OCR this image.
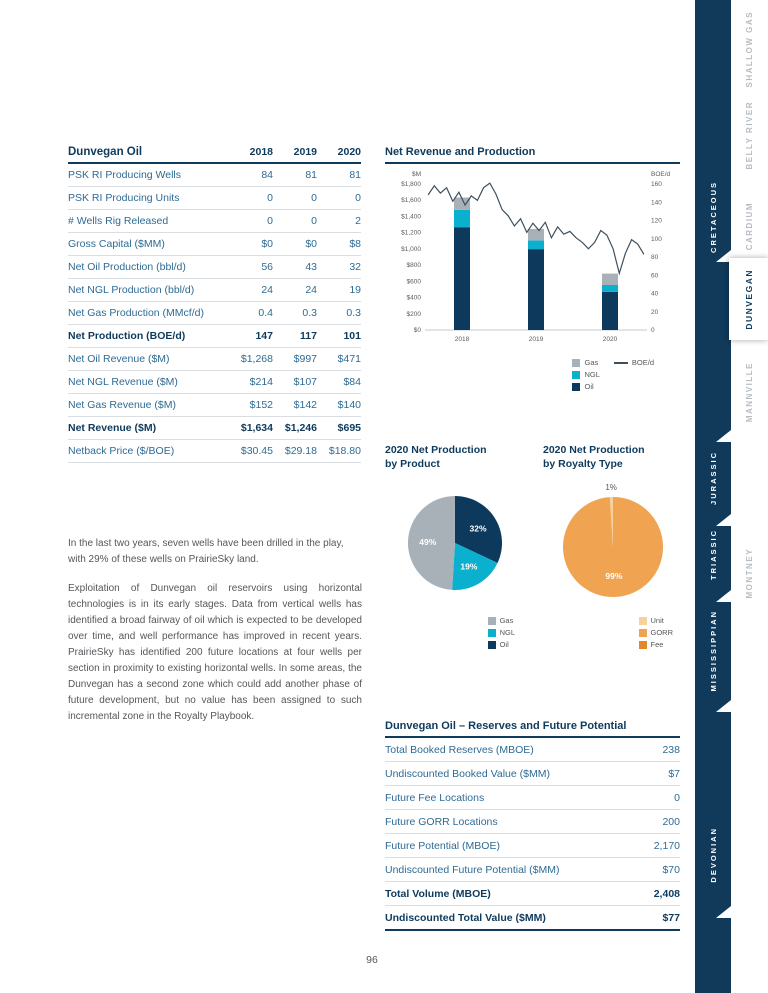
Dunvegan Oil	2018	2019	2020
PSK RI Producing Wells	84	81	81
PSK RI Producing Units	0	0	0
# Wells Rig Released	0	0	2
Gross Capital ($MM)	$0	$0	$8
Net Oil Production (bbl/d)	56	43	32
Net NGL Production (bbl/d)	24	24	19
Net Gas Production (MMcf/d)	0.4	0.3	0.3
Net Production (BOE/d)	147	117	101
Net Oil Revenue ($M)	$1,268	$997	$471
Net NGL Revenue ($M)	$214	$107	$84
Net Gas Revenue ($M)	$152	$142	$140
Net Revenue ($M)	$1,634	$1,246	$695
Netback Price ($/BOE)	$30.45	$29.18	$18.80

In the last two years, seven wells have been drilled in the play, with 29% of these wells on PrairieSky land.

Exploitation of Dunvegan oil reservoirs using horizontal technologies is in its early stages. Data from vertical wells has identified a broad fairway of oil which is expected to be developed over time, and well performance has improved in recent years. PrairieSky has identified 200 future locations at four wells per section in proximity to existing horizontal wells. In some areas, the Dunvegan has a second zone which could add another phase of future development, but no value has been assigned to such incremental zone in the Royalty Playbook.

Net Revenue and Production
$0
$200
$400
$600
$800
$1,000
$1,200
$1,400
$1,600
$1,800
0
20
40
60
80
100
120
140
160
$M	BOE/d
2018	2019	2020
Gas
NGL
Oil
BOE/d
2020 Net Production
by Product
32%
19%
49%
Gas
NGL
Oil
2020 Net Production
by Royalty Type
99%
1%
Unit
GORR
Fee
Dunvegan Oil – Reserves and Future Potential
Total Booked Reserves (MBOE)	238
Undiscounted Booked Value ($MM)	$7
Future Fee Locations	0
Future GORR Locations	200
Future Potential (MBOE)	2,170
Undiscounted Future Potential ($MM)	$70
Total Volume (MBOE)	2,408
Undiscounted Total Value ($MM)	$77
96
CRETACEOUS
JURASSIC
TRIASSIC
MISSISSIPPIAN
DEVONIAN
SHALLOW GAS
BELLY RIVER
CARDIUM
DUNVEGAN
MANNVILLE
MONTNEY
